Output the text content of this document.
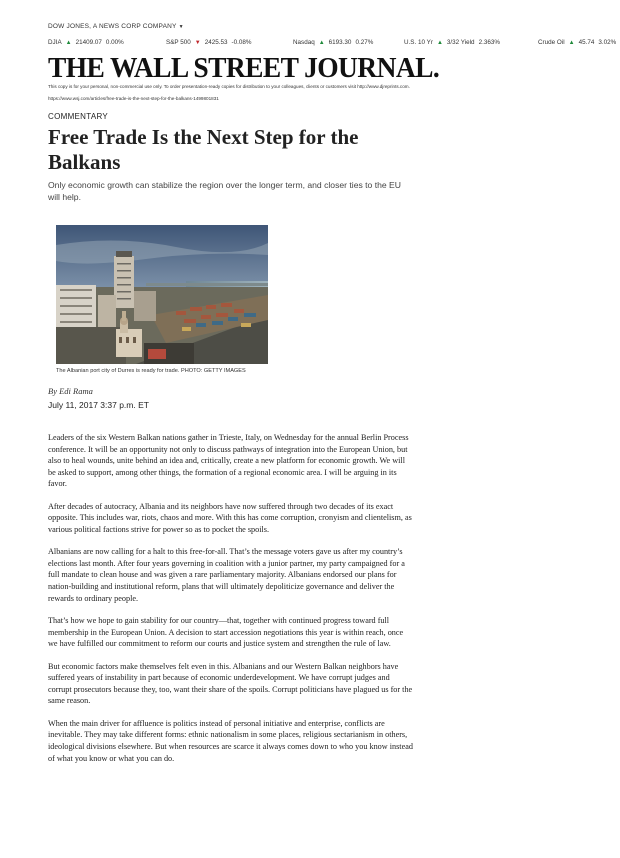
DOW JONES, A NEWS CORP COMPANY ▼
DJIA ▲ 21409.07 0.00%	S&P 500 ▼ 2425.53 -0.08%	Nasdaq ▲ 6193.30 0.27%	U.S. 10 Yr ▲ 3/32 Yield 2.363%	Crude Oil ▲ 45.74 3.02%
THE WALL STREET JOURNAL.
This copy is for your personal, non-commercial use only. To order presentation-ready copies for distribution to your colleagues, clients or customers visit http://www.djreprints.com.
https://www.wsj.com/articles/free-trade-is-the-next-step-for-the-balkans-1499801831
COMMENTARY
Free Trade Is the Next Step for the Balkans
Only economic growth can stabilize the region over the longer term, and closer ties to the EU will help.
The Albanian port city of Durres is ready for trade. PHOTO: GETTY IMAGES
By Edi Rama
July 11, 2017 3:37 p.m. ET

Leaders of the six Western Balkan nations gather in Trieste, Italy, on Wednesday for the annual Berlin Process conference. It will be an opportunity not only to discuss pathways of integration into the European Union, but also to heal wounds, unite behind an idea and, critically, create a new platform for economic growth. We will be asked to support, among other things, the formation of a regional economic area. I will be arguing in its favor.

After decades of autocracy, Albania and its neighbors have now suffered through two decades of its exact opposite. This includes war, riots, chaos and more. With this has come corruption, cronyism and clientelism, as various political factions strive for power so as to pocket the spoils.

Albanians are now calling for a halt to this free-for-all. That’s the message voters gave us after my country’s elections last month. After four years governing in coalition with a junior partner, my party campaigned for a full mandate to clean house and was given a rare parliamentary majority. Albanians endorsed our plans for nation-building and institutional reform, plans that will ultimately depoliticize governance and deliver the rewards to ordinary people.

That’s how we hope to gain stability for our country—that, together with continued progress toward full membership in the European Union. A decision to start accession negotiations this year is within reach, once we have fulfilled our commitment to reform our courts and justice system and strengthen the rule of law.

But economic factors make themselves felt even in this. Albanians and our Western Balkan neighbors have suffered years of instability in part because of economic underdevelopment. We have corrupt judges and corrupt prosecutors because they, too, want their share of the spoils. Corrupt politicians have plagued us for the same reason.

When the main driver for affluence is politics instead of personal initiative and enterprise, conflicts are inevitable. They may take different forms: ethnic nationalism in some places, religious sectarianism in others, ideological divisions elsewhere. But when resources are scarce it always comes down to who you know instead of what you know or what you can do.
